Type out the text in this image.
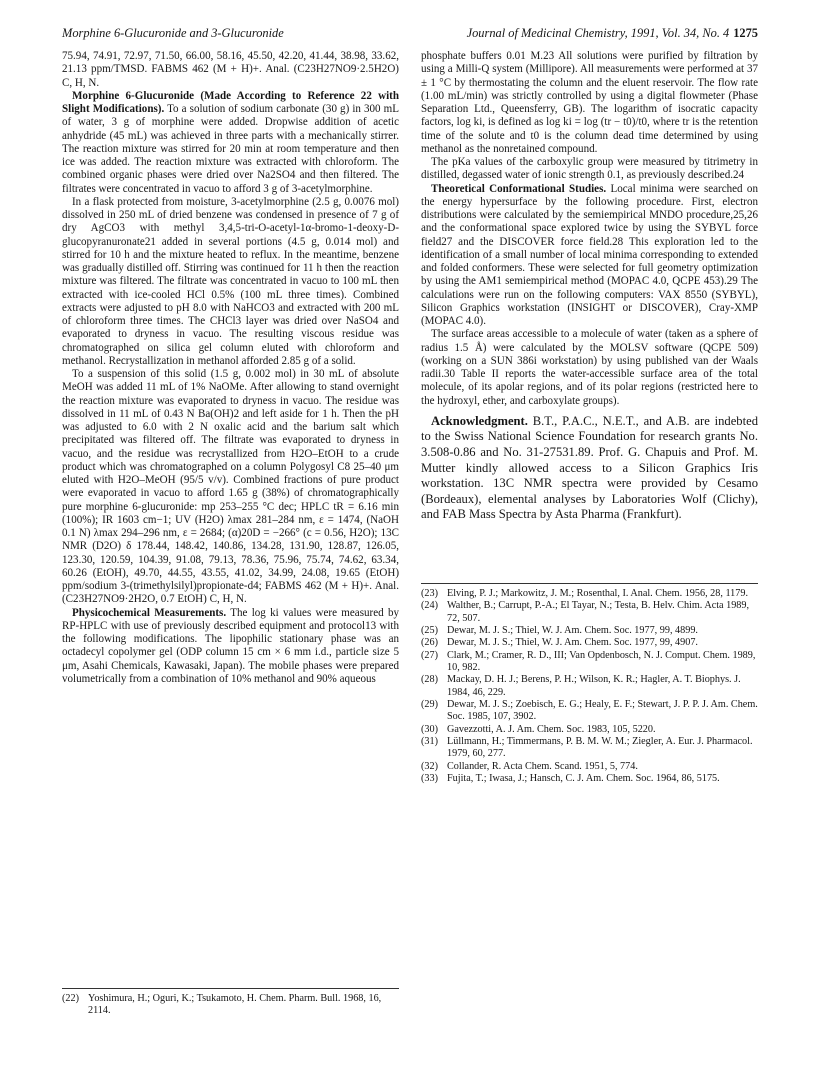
Morphine 6-Glucuronide and 3-Glucuronide	Journal of Medicinal Chemistry, 1991, Vol. 34, No. 4 1275

75.94, 74.91, 72.97, 71.50, 66.00, 58.16, 45.50, 42.20, 41.44, 38.98, 33.62, 21.13 ppm/TMSD. FABMS 462 (M + H)+. Anal. (C23H27NO9·2.5H2O) C, H, N.

Morphine 6-Glucuronide (Made According to Reference 22 with Slight Modifications). To a solution of sodium carbonate (30 g) in 300 mL of water, 3 g of morphine were added. Dropwise addition of acetic anhydride (45 mL) was achieved in three parts with a mechanically stirrer. The reaction mixture was stirred for 20 min at room temperature and then ice was added. The reaction mixture was extracted with chloroform. The combined organic phases were dried over Na2SO4 and then filtered. The filtrates were concentrated in vacuo to afford 3 g of 3-acetylmorphine.

In a flask protected from moisture, 3-acetylmorphine (2.5 g, 0.0076 mol) dissolved in 250 mL of dried benzene was condensed in presence of 7 g of dry AgCO3 with methyl 3,4,5-tri-O-acetyl-1α-bromo-1-deoxy-D-glucopyranuronate21 added in several portions (4.5 g, 0.014 mol) and stirred for 10 h and the mixture heated to reflux. In the meantime, benzene was gradually distilled off. Stirring was continued for 11 h then the reaction mixture was filtered. The filtrate was concentrated in vacuo to 100 mL then extracted with ice-cooled HCl 0.5% (100 mL three times). Combined extracts were adjusted to pH 8.0 with NaHCO3 and extracted with 200 mL of chloroform three times. The CHCl3 layer was dried over NaSO4 and evaporated to dryness in vacuo. The resulting viscous residue was chromatographed on silica gel column eluted with chloroform and methanol. Recrystallization in methanol afforded 2.85 g of a solid.

To a suspension of this solid (1.5 g, 0.002 mol) in 30 mL of absolute MeOH was added 11 mL of 1% NaOMe. After allowing to stand overnight the reaction mixture was evaporated to dryness in vacuo. The residue was dissolved in 11 mL of 0.43 N Ba(OH)2 and left aside for 1 h. Then the pH was adjusted to 6.0 with 2 N oxalic acid and the barium salt which precipitated was filtered off. The filtrate was evaporated to dryness in vacuo, and the residue was recrystallized from H2O–EtOH to a crude product which was chromatographed on a column Polygosyl C8 25–40 μm eluted with H2O–MeOH (95/5 v/v). Combined fractions of pure product were evaporated in vacuo to afford 1.65 g (38%) of chromatographically pure morphine 6-glucuronide: mp 253–255 °C dec; HPLC tR = 6.16 min (100%); IR 1603 cm−1; UV (H2O) λmax 281–284 nm, ε = 1474, (NaOH 0.1 N) λmax 294–296 nm, ε = 2684; (α)20D = −266° (c = 0.56, H2O); 13C NMR (D2O) δ 178.44, 148.42, 140.86, 134.28, 131.90, 128.87, 126.05, 123.30, 120.59, 104.39, 91.08, 79.13, 78.36, 75.96, 75.74, 74.62, 63.34, 60.26 (EtOH), 49.70, 44.55, 43.55, 41.02, 34.99, 24.08, 19.65 (EtOH) ppm/sodium 3-(trimethylsilyl)propionate-d4; FABMS 462 (M + H)+. Anal. (C23H27NO9·2H2O, 0.7 EtOH) C, H, N.

Physicochemical Measurements. The log ki values were measured by RP-HPLC with use of previously described equipment and protocol13 with the following modifications. The lipophilic stationary phase was an octadecyl copolymer gel (ODP column 15 cm × 6 mm i.d., particle size 5 μm, Asahi Chemicals, Kawasaki, Japan). The mobile phases were prepared volumetrically from a combination of 10% methanol and 90% aqueous

phosphate buffers 0.01 M.23 All solutions were purified by filtration by using a Milli-Q system (Millipore). All measurements were performed at 37 ± 1 °C by thermostating the column and the eluent reservoir. The flow rate (1.00 mL/min) was strictly controlled by using a digital flowmeter (Phase Separation Ltd., Queensferry, GB). The logarithm of isocratic capacity factors, log ki, is defined as log ki = log (tr − t0)/t0, where tr is the retention time of the solute and t0 is the column dead time determined by using methanol as the nonretained compound.

The pKa values of the carboxylic group were measured by titrimetry in distilled, degassed water of ionic strength 0.1, as previously described.24

Theoretical Conformational Studies. Local minima were searched on the energy hypersurface by the following procedure. First, electron distributions were calculated by the semiempirical MNDO procedure,25,26 and the conformational space explored twice by using the SYBYL force field27 and the DISCOVER force field.28 This exploration led to the identification of a small number of local minima corresponding to extended and folded conformers. These were selected for full geometry optimization by using the AM1 semiempirical method (MOPAC 4.0, QCPE 453).29 The calculations were run on the following computers: VAX 8550 (SYBYL), Silicon Graphics workstation (INSIGHT or DISCOVER), Cray-XMP (MOPAC 4.0).

The surface areas accessible to a molecule of water (taken as a sphere of radius 1.5 Å) were calculated by the MOLSV software (QCPE 509) (working on a SUN 386i workstation) by using published van der Waals radii.30 Table II reports the water-accessible surface area of the total molecule, of its apolar regions, and of its polar regions (restricted here to the hydroxyl, ether, and carboxylate groups).

Acknowledgment. B.T., P.A.C., N.E.T., and A.B. are indebted to the Swiss National Science Foundation for research grants No. 3.508-0.86 and No. 31-27531.89. Prof. G. Chapuis and Prof. M. Mutter kindly allowed access to a Silicon Graphics Iris workstation. 13C NMR spectra were provided by Cesamo (Bordeaux), elemental analyses by Laboratories Wolf (Clichy), and FAB Mass Spectra by Asta Pharma (Frankfurt).

(22) Yoshimura, H.; Oguri, K.; Tsukamoto, H. Chem. Pharm. Bull. 1968, 16, 2114.
(23) Elving, P. J.; Markowitz, J. M.; Rosenthal, I. Anal. Chem. 1956, 28, 1179.
(24) Walther, B.; Carrupt, P.-A.; El Tayar, N.; Testa, B. Helv. Chim. Acta 1989, 72, 507.
(25) Dewar, M. J. S.; Thiel, W. J. Am. Chem. Soc. 1977, 99, 4899.
(26) Dewar, M. J. S.; Thiel, W. J. Am. Chem. Soc. 1977, 99, 4907.
(27) Clark, M.; Cramer, R. D., III; Van Opdenbosch, N. J. Comput. Chem. 1989, 10, 982.
(28) Mackay, D. H. J.; Berens, P. H.; Wilson, K. R.; Hagler, A. T. Biophys. J. 1984, 46, 229.
(29) Dewar, M. J. S.; Zoebisch, E. G.; Healy, E. F.; Stewart, J. P. P. J. Am. Chem. Soc. 1985, 107, 3902.
(30) Gavezzotti, A. J. Am. Chem. Soc. 1983, 105, 5220.
(31) Lüllmann, H.; Timmermans, P. B. M. W. M.; Ziegler, A. Eur. J. Pharmacol. 1979, 60, 277.
(32) Collander, R. Acta Chem. Scand. 1951, 5, 774.
(33) Fujita, T.; Iwasa, J.; Hansch, C. J. Am. Chem. Soc. 1964, 86, 5175.
